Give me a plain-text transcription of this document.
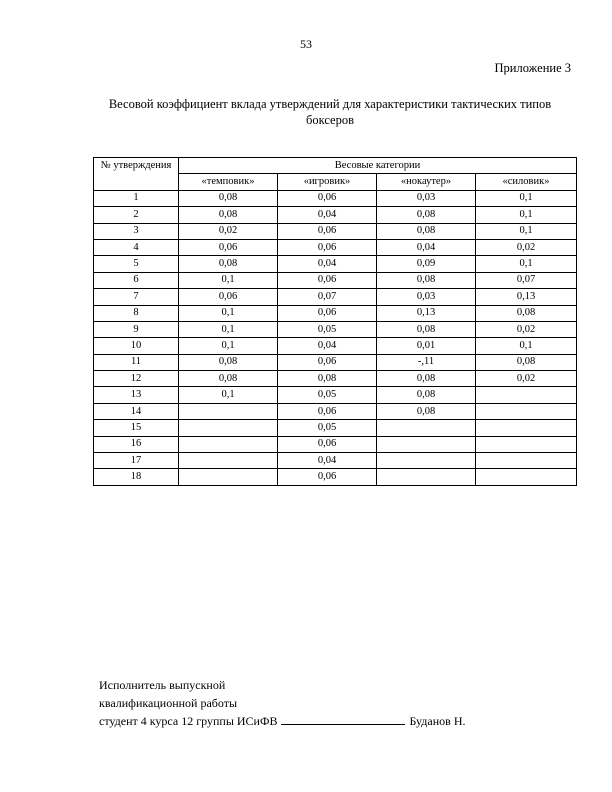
53
Приложение 3
Весовой коэффициент вклада утверждений для характеристики тактических типов боксеров
№ утверждения	Весовые категории			
	«темповик»	«игровик»	«нокаутер»	«силовик»
1	0,08	0,06	0,03	0,1
2	0,08	0,04	0,08	0,1
3	0,02	0,06	0,08	0,1
4	0,06	0,06	0,04	0,02
5	0,08	0,04	0,09	0,1
6	0,1	0,06	0,08	0,07
7	0,06	0,07	0,03	0,13
8	0,1	0,06	0,13	0,08
9	0,1	0,05	0,08	0,02
10	0,1	0,04	0,01	0,1
11	0,08	0,06	-,11	0,08
12	0,08	0,08	0,08	0,02
13	0,1	0,05	0,08	
14		0,06	0,08	
15		0,05		
16		0,06		
17		0,04		
18		0,06		
Исполнитель выпускной
квалификационной работы
студент 4 курса 12 группы ИСиФВ	Буданов Н.
